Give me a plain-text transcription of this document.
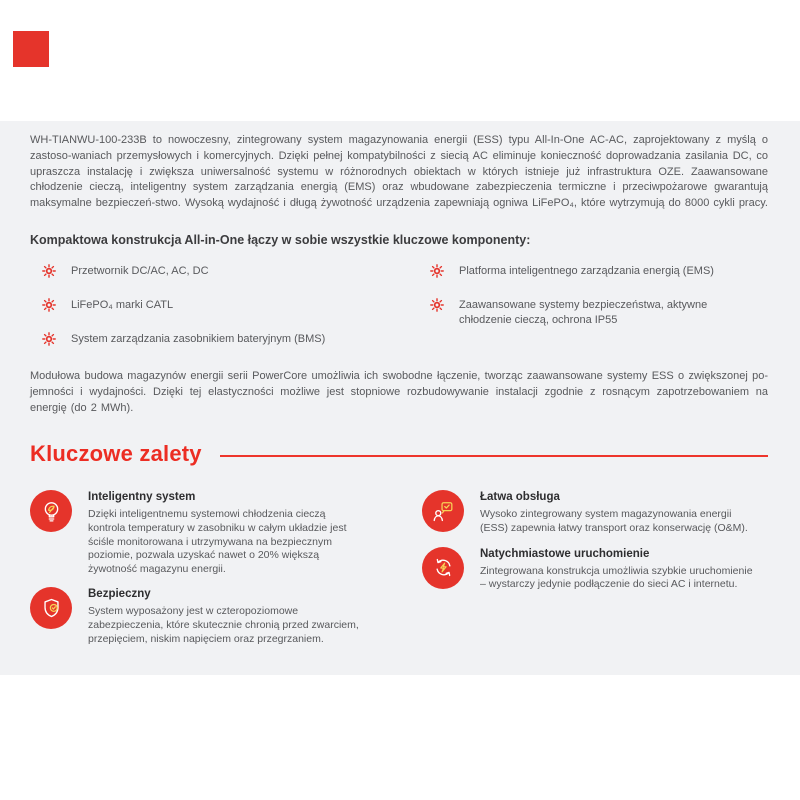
WH-TIANWU-100-233B to nowoczesny, zintegrowany system magazynowania energii (ESS) typu All-In-One AC-AC, zaprojektowany z myślą o zastoso-waniach przemysłowych i komercyjnych. Dzięki pełnej kompatybilności z siecią AC eliminuje konieczność doprowadzania zasilania DC, co upraszcza instalację i zwiększa uniwersalność systemu w różnorodnych obiektach w których istnieje już infrastruktura OZE. Zaawansowane chłodzenie cieczą, inteligentny system zarządzania energią (EMS) oraz wbudowane zabezpieczenia termiczne i przeciwpożarowe gwarantują maksymalne bezpieczeń-stwo. Wysoką wydajność i długą żywotność urządzenia zapewniają ogniwa LiFePO₄, które wytrzymują do 8000 cykli pracy.

Kompaktowa konstrukcja All-in-One łączy w sobie wszystkie kluczowe komponenty:
Przetwornik DC/AC, AC, DC
LiFePO₄ marki CATL
System zarządzania zasobnikiem bateryjnym (BMS)
Platforma inteligentnego zarządzania energią (EMS)
Zaawansowane systemy bezpieczeństwa, aktywne chłodzenie cieczą, ochrona IP55

Modułowa budowa magazynów energii serii PowerCore umożliwia ich swobodne łączenie, tworząc zaawansowane systemy ESS o zwiększonej po-jemności i wydajności. Dzięki tej elastyczności możliwe jest stopniowe rozbudowywanie instalacji zgodnie z rosnącym zapotrzebowaniem na energię (do 2 MWh).

Kluczowe zalety
Inteligentny system
Dzięki inteligentnemu systemowi chłodzenia cieczą kontrola temperatury w zasobniku w całym układzie jest ściśle monitorowana i utrzymywana na bezpiecznym poziomie, pozwala uzyskać nawet o 20% większą żywotność magazynu energii.
Bezpieczny
System wyposażony jest w czteropoziomowe zabezpieczenia, które skutecznie chronią przed zwarciem, przepięciem, niskim napięciem oraz przegrzaniem.
Łatwa obsługa
Wysoko zintegrowany system magazynowania energii (ESS) zapewnia łatwy transport oraz konserwację (O&M).
Natychmiastowe uruchomienie
Zintegrowana konstrukcja umożliwia szybkie uruchomienie – wystarczy jedynie podłączenie do sieci AC i internetu.
